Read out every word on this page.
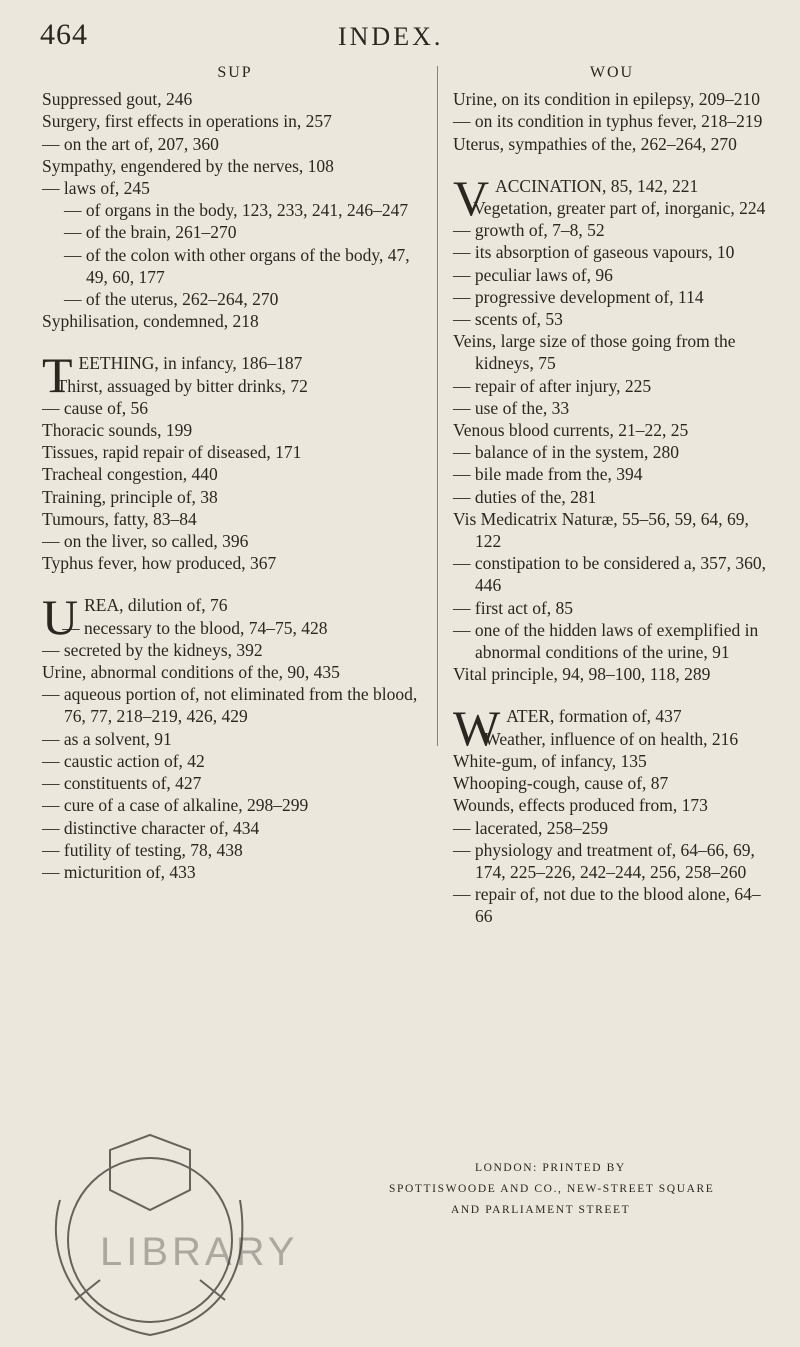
464	INDEX.

SUP

Suppressed gout, 246

Surgery, first effects in operations in, 257

— on the art of, 207, 360

Sympathy, engendered by the nerves, 108

— laws of, 245

— of organs in the body, 123, 233, 241, 246–247

— of the brain, 261–270

— of the colon with other organs of the body, 47, 49, 60, 177

— of the uterus, 262–264, 270

Syphilisation, condemned, 218

T EETHING, in infancy, 186–187

Thirst, assuaged by bitter drinks, 72

— cause of, 56

Thoracic sounds, 199

Tissues, rapid repair of diseased, 171

Tracheal congestion, 440

Training, principle of, 38

Tumours, fatty, 83–84

— on the liver, so called, 396

Typhus fever, how produced, 367

U REA, dilution of, 76

— necessary to the blood, 74–75, 428

— secreted by the kidneys, 392

Urine, abnormal conditions of the, 90, 435

— aqueous portion of, not eliminated from the blood, 76, 77, 218–219, 426, 429

— as a solvent, 91

— caustic action of, 42

— constituents of, 427

— cure of a case of alkaline, 298–299

— distinctive character of, 434

— futility of testing, 78, 438

— micturition of, 433

WOU

Urine, on its condition in epilepsy, 209–210

— on its condition in typhus fever, 218–219

Uterus, sympathies of the, 262–264, 270

V ACCINATION, 85, 142, 221

Vegetation, greater part of, inorganic, 224

— growth of, 7–8, 52

— its absorption of gaseous vapours, 10

— peculiar laws of, 96

— progressive development of, 114

— scents of, 53

Veins, large size of those going from the kidneys, 75

— repair of after injury, 225

— use of the, 33

Venous blood currents, 21–22, 25

— balance of in the system, 280

— bile made from the, 394

— duties of the, 281

Vis Medicatrix Naturæ, 55–56, 59, 64, 69, 122

— constipation to be considered a, 357, 360, 446

— first act of, 85

— one of the hidden laws of exemplified in abnormal conditions of the urine, 91

Vital principle, 94, 98–100, 118, 289

W ATER, formation of, 437

Weather, influence of on health, 216

White-gum, of infancy, 135

Whooping-cough, cause of, 87

Wounds, effects produced from, 173

— lacerated, 258–259

— physiology and treatment of, 64–66, 69, 174, 225–226, 242–244, 256, 258–260

— repair of, not due to the blood alone, 64–66

LIBRARY

LONDON: PRINTED BY

SPOTTISWOODE AND CO., NEW-STREET SQUARE

AND PARLIAMENT STREET
